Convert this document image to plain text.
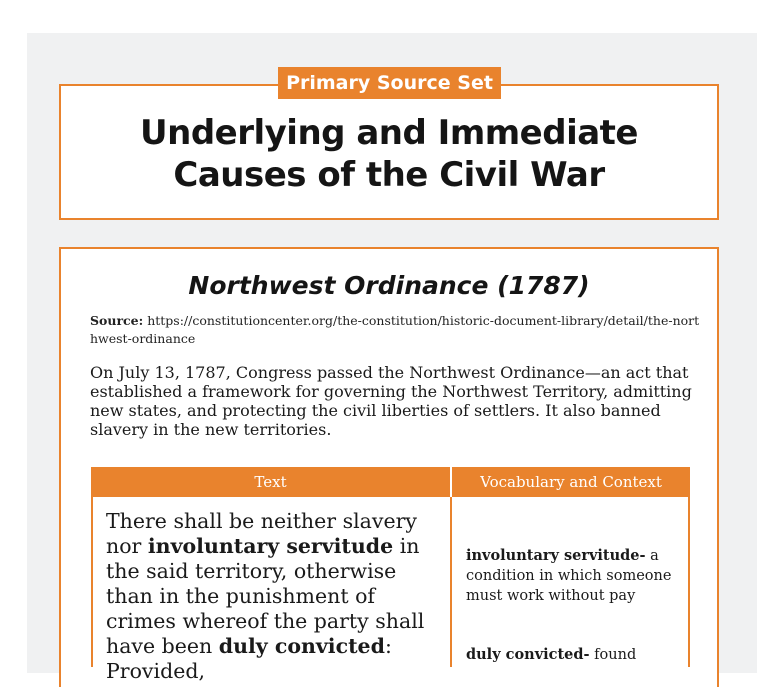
Primary Source Set
Underlying and Immediate
Causes of the Civil War
Northwest Ordinance (1787)
Source: https://constitutioncenter.org/the-constitution/historic-document-library/detail/the-northwest-ordinance
On July 13, 1787, Congress passed the Northwest Ordinance—an act that established a framework for governing the Northwest Territory, admitting new states, and protecting the civil liberties of settlers. It also banned slavery in the new territories.
Text	Vocabulary and Context
There shall be neither slavery nor involuntary servitude in the said territory, otherwise than in the punishment of crimes whereof the party shall have been duly convicted: Provided,
involuntary servitude- a condition in which someone must work without pay
duly convicted- found
